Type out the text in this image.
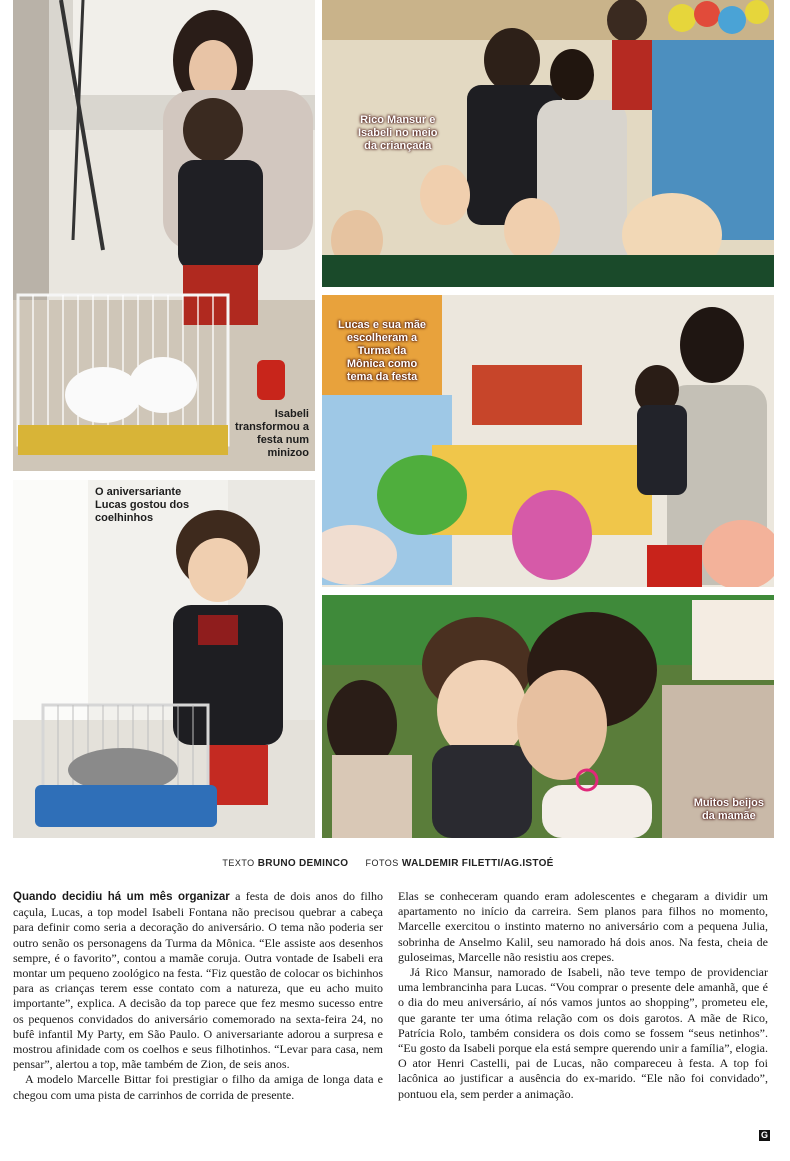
Isabeli
transformou a
festa num
minizoo
Rico Mansur e
Isabeli no meio
da criançada
Lucas e sua mãe
escolheram a
Turma da
Mônica como
tema da festa
O aniversariante
Lucas gostou dos
coelhinhos
Muitos beijos
da mamãe
TEXTO BRUNO DEMINCO FOTOS WALDEMIR FILETTI/AG.ISTOÉ

Quando decidiu há um mês organizar a festa de dois anos do filho caçula, Lucas, a top model Isabeli Fontana não precisou quebrar a cabeça para definir como seria a decoração do aniversário. O tema não poderia ser outro senão os personagens da Turma da Mônica. “Ele assiste aos desenhos sempre, é o favorito”, contou a mamãe coruja. Outra vontade de Isabeli era montar um pequeno zoológico na festa. “Fiz questão de colocar os bichinhos para as crianças terem esse contato com a natureza, que eu acho muito importante”, explica. A decisão da top parece que fez mesmo sucesso entre os pequenos convidados do aniversário comemorado na sexta-feira 24, no bufê infantil My Party, em São Paulo. O aniversariante adorou a surpresa e mostrou afinidade com os coelhos e seus filhotinhos. “Levar para casa, nem pensar”, alertou a top, mãe também de Zion, de seis anos.

A modelo Marcelle Bittar foi prestigiar o filho da amiga de longa data e chegou com uma pista de carrinhos de corrida de presente.

Elas se conheceram quando eram adolescentes e chegaram a dividir um apartamento no início da carreira. Sem planos para filhos no momento, Marcelle exercitou o instinto materno no aniversário com a pequena Julia, sobrinha de Anselmo Kalil, seu namorado há dois anos. Na festa, cheia de guloseimas, Marcelle não resistiu aos crepes.

Já Rico Mansur, namorado de Isabeli, não teve tempo de providenciar uma lembrancinha para Lucas. “Vou comprar o presente dele amanhã, que é o dia do meu aniversário, aí nós vamos juntos ao shopping”, prometeu ele, que garante ter uma ótima relação com os dois garotos. A mãe de Rico, Patrícia Rolo, também considera os dois como se fossem “seus netinhos”. “Eu gosto da Isabeli porque ela está sempre querendo unir a família”, elogia. O ator Henri Castelli, pai de Lucas, não compareceu à festa. A top foi lacônica ao justificar a ausência do ex-marido. “Ele não foi convidado”, pontuou ela, sem perder a animação.

G
